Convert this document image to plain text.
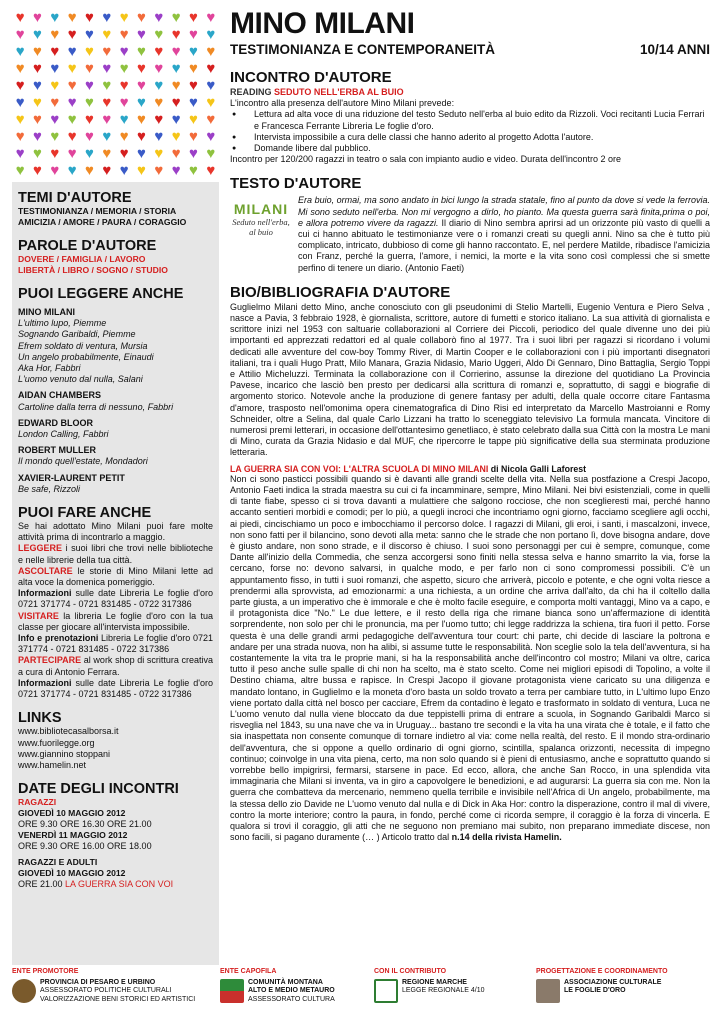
♥ ♥ ♥ ♥ ♥ ♥ ♥ ♥ ♥ ♥ ♥ ♥
♥ ♥ ♥ ♥ ♥ ♥ ♥ ♥ ♥ ♥ ♥ ♥
♥ ♥ ♥ ♥ ♥ ♥ ♥ ♥ ♥ ♥ ♥ ♥
♥ ♥ ♥ ♥ ♥ ♥ ♥ ♥ ♥ ♥ ♥ ♥
♥ ♥ ♥ ♥ ♥ ♥ ♥ ♥ ♥ ♥ ♥ ♥
♥ ♥ ♥ ♥ ♥ ♥ ♥ ♥ ♥ ♥ ♥ ♥
♥ ♥ ♥ ♥ ♥ ♥ ♥ ♥ ♥ ♥ ♥ ♥
♥ ♥ ♥ ♥ ♥ ♥ ♥ ♥ ♥ ♥ ♥ ♥
♥ ♥ ♥ ♥ ♥ ♥ ♥ ♥ ♥ ♥ ♥ ♥
♥ ♥ ♥ ♥ ♥ ♥ ♥ ♥ ♥ ♥ ♥ ♥
TEMI D'AUTORE
TESTIMONIANZA / MEMORIA / STORIA
AMICIZIA / AMORE / PAURA / CORAGGIO
PAROLE D'AUTORE
DOVERE / FAMIGLIA / LAVORO
LIBERTÀ / LIBRO / SOGNO / STUDIO
PUOI LEGGERE ANCHE
MINO MILANI
L'ultimo lupo, Piemme
Sognando Garibaldi, Piemme
Efrem soldato di ventura, Mursia
Un angelo probabilmente, Einaudi
Aka Hor, Fabbri
L'uomo venuto dal nulla, Salani
AIDAN CHAMBERS
Cartoline dalla terra di nessuno, Fabbri
EDWARD BLOOR
London Calling, Fabbri
ROBERT MULLER
Il mondo quell'estate, Mondadori
XAVIER-LAURENT PETIT
Be safe, Rizzoli
PUOI FARE ANCHE
Se hai adottato Mino Milani puoi fare molte attività prima di incontrarlo a maggio.
LEGGERE i suoi libri che trovi nelle biblioteche e nelle librerie della tua città.
ASCOLTARE le storie di Mino Milani lette ad alta voce la domenica pomeriggio.
Informazioni sulle date Libreria Le foglie d'oro 0721 371774 - 0721 831485 - 0722 317386
VISITARE la libreria Le foglie d'oro con la tua classe per giocare all'intervista impossibile.
Info e prenotazioni Libreria Le foglie d'oro 0721 371774 - 0721 831485 - 0722 317386
PARTECIPARE al work shop di scrittura creativa a cura di Antonio Ferrara.
Informazioni sulle date Libreria Le foglie d'oro 0721 371774 - 0721 831485 - 0722 317386
LINKS
www.bibliotecasalborsa.it
www.fuorilegge.org
www.giannino stoppani
www.hamelin.net
DATE DEGLI INCONTRI
RAGAZZI
GIOVEDÌ 10 MAGGIO 2012
ORE 9.30 ORE 16.30 ORE 21.00
VENERDÌ 11 MAGGIO 2012
ORE 9.30 ORE 16.00 ORE 18.00
RAGAZZI E ADULTI
GIOVEDÌ 10 MAGGIO 2012
ORE 21.00 LA GUERRA SIA CON VOI
MINO MILANI
TESTIMONIANZA E CONTEMPORANEITÀ	10/14 ANNI
INCONTRO D'AUTORE
READING SEDUTO NELL'ERBA AL BUIO
L'incontro alla presenza dell'autore Mino Milani prevede:
● Lettura ad alta voce di una riduzione del testo Seduto nell'erba al buio edito da Rizzoli. Voci recitanti Lucia Ferrari e Francesca Ferrante Libreria Le foglie d'oro.
● Intervista impossibile a cura delle classi che hanno aderito al progetto Adotta l'autore.
● Domande libere dal pubblico.
Incontro per 120/200 ragazzi in teatro o sala con impianto audio e video. Durata dell'incontro 2 ore
TESTO D'AUTORE
MILANI
Seduto nell'erba, al buio
Era buio, ormai, ma sono andato in bici lungo la strada statale, fino al punto da dove si vede la ferrovia. Mi sono seduto nell'erba. Non mi vergogno a dirlo, ho pianto. Ma questa guerra sarà finita,prima o poi, e allora potremo vivere da ragazzi. Il diario di Nino sembra aprirsi ad un orizzonte più vasto di quelli a cui ci hanno abituato le testimonianze vere o i romanzi creati su quegli anni. Nino sa che è tutto più complicato, intricato, dubbioso di come gli hanno raccontato. E, nel perdere Matilde, ribadisce l'amicizia con Franz, perché la guerra, l'amore, i nemici, la morte e la vita sono così complessi che si smette perfino di tenere un diario. (Antonio Faeti)
BIO/BIBLIOGRAFIA D'AUTORE
Guglielmo Milani detto Mino, anche conosciuto con gli pseudonimi di Stelio Martelli, Eugenio Ventura e Piero Selva , nasce a Pavia, 3 febbraio 1928, è giornalista, scrittore, autore di fumetti e storico italiano. La sua attività di giornalista e scrittore inizi nel 1953 con saltuarie collaborazioni al Corriere dei Piccoli, periodico del quale divenne uno dei più importanti ed apprezzati redattori ed al quale collaborò fino al 1977. Tra i suoi libri per ragazzi si ricordano i volumi dedicati alle avventure del cow-boy Tommy River, di Martin Cooper e le collaborazioni con i più importanti disegnatori italiani, tra i quali Hugo Pratt, Milo Manara, Grazia Nidasio, Mario Uggeri, Aldo Di Gennaro, Dino Battaglia, Sergio Toppi e Attilio Micheluzzi. Terminata la collaborazione con il Corrierino, assunse la direzione del quotidiano La Provincia Pavese, incarico che lasciò ben presto per dedicarsi alla scrittura di romanzi e, soprattutto, di saggi e biografie di argomento storico. Notevole anche la produzione di genere fantasy per adulti, della quale occorre citare Fantasma d'amore, trasposto nell'omonima opera cinematografica di Dino Risi ed interpretato da Marcello Mastroianni e Romy Schneider, oltre a Selina, dal quale Carlo Lizzani ha tratto lo sceneggiato televisivo La formula mancata. Vincitore di numerosi premi letterari, in occasione dell'ottantesimo genetliaco, è stato celebrato dalla sua Città con la mostra Le mani di Mino, curata da Grazia Nidasio e dal MUF, che ripercorre le tappe più significative della sua sterminata produzione letteraria.
LA GUERRA SIA CON VOI: L'ALTRA SCUOLA DI MINO MILANI di Nicola Galli Laforest
Non ci sono pasticci possibili quando si è davanti alle grandi scelte della vita. Nella sua postfazione a Crespi Jacopo, Antonio Faeti indica la strada maestra su cui ci fa incamminare, sempre, Mino Milani. Nei bivi esistenziali, come in quelli di tante fiabe, spesso ci si trova davanti a mulattiere che salgono rocciose, che non sceglieresti mai, perché hanno accanto sentieri morbidi e comodi; per lo più, a quegli incroci che incontriamo ogni giorno, facciamo scegliere agli occhi, ai piedi, cincischiamo un poco e imbocchiamo il percorso dolce. I ragazzi di Milani, gli eroi, i santi, i mascalzoni, invece, non sono fatti per il bilancino, sono devoti alla meta: sanno che le strade che non portano lì, dove bisogna andare, dove è giusto andare, non sono strade, e il discorso è chiuso. I suoi sono personaggi per cui è sempre, comunque, come Dante all'inizio della Commedia, che senza accorgersi sono finiti nella stessa selva e hanno smarrito la via, forse la cercano, forse no: devono salvarsi, in qualche modo, e per farlo non ci sono compromessi possibili. C'è un appuntamento fisso, in tutti i suoi romanzi, che aspetto, sicuro che arriverà, piccolo e potente, e che ogni volta riesce a prendermi alla sprovvista, ad emozionarmi: a una richiesta, a un ordine che arriva dall'alto, da chi ha il coltello dalla parte giusta, a un imperativo che è immorale e che è molto facile eseguire, e comporta molti vantaggi, Mino va a capo, e il protagonista dice "No." Le due lettere, e il resto della riga che rimane bianca sono un'affermazione di identità sorprendente, non solo per chi le pronuncia, ma per l'uomo tutto; chi legge raddrizza la schiena, tira fuori il petto. Forse questa è una delle grandi armi pedagogiche dell'avventura tour court: chi parte, chi decide di lasciare la poltrona e andare per una strada nuova, non ha alibi, si assume tutte le responsabilità. Non sceglie solo la tela dell'avventura, si ha costantemente la vita tra le proprie mani, si ha la responsabilità anche dell'incontro col mostro; Milani va oltre, carica tutto il peso anche sulle spalle di chi non ha scelto, ma è stato scelto. Come nei migliori episodi di Topolino, a volte il Destino chiama, altre bussa e rapisce. In Crespi Jacopo il giovane protagonista viene caricato su una diligenza e mandato lontano, in Guglielmo e la moneta d'oro basta un soldo trovato a terra per cambiare tutto, in L'ultimo lupo Enzo viene portato dalla città nel bosco per cacciare, Efrem da contadino è legato e trasformato in soldato di ventura, Luca ne L'uomo venuto dal nulla viene bloccato da due teppistelli prima di entrare a scuola, in Sognando Garibaldi Marco si risveglia nel 1843, su una nave che va in Uruguay... bastano tre secondi e la vita ha una virata che è totale, e il fatto che sia inaspettata non consente comunque di tornare indietro al via: come nella realtà, del resto. E il mondo stra-ordinario dell'avventura, che si oppone a quello ordinario di ogni giorno, scintilla, spalanca orizzonti, necessita di impegno continuo; coinvolge in una vita piena, certo, ma non solo quando si è pieni di entusiasmo, anche e soprattutto quando si vorrebbe bello impigrirsi, fermarsi, starsene in pace. Ed ecco, allora, che anche San Rocco, in una splendida vita immaginaria che Milani si inventa, va in giro a capovolgere le benedizioni, e ad augurarsi: La guerra sia con me. Non la guerra che combatteva da mercenario, nemmeno quella terribile e invisibile nell'Africa di Un angelo, probabilmente, ma la stessa dello zio Davide ne L'uomo venuto dal nulla e di Dick in Aka Hor: contro la disperazione, contro il mal di vivere, contro la morte interiore; contro la paura, in fondo, perché come ci ricorda sempre, il coraggio è la forza di vincerla. E qualora si trovi il coraggio, gli atti che ne seguono non premiano mai subito, non preparano immediate discese, non sono facili, si pagano duramente (… ) Articolo tratto dal n.14 della rivista Hamelin.
ENTE PROMOTORE
PROVINCIA DI PESARO E URBINO
ASSESSORATO POLITICHE CULTURALI
VALORIZZAZIONE BENI STORICI ED ARTISTICI
ENTE CAPOFILA
COMUNITÀ MONTANA
ALTO E MEDIO METAURO
ASSESSORATO CULTURA
CON IL CONTRIBUTO
REGIONE MARCHE
LEGGE REGIONALE 4/10
PROGETTAZIONE E COORDINAMENTO
ASSOCIAZIONE CULTURALE
LE FOGLIE D'ORO
